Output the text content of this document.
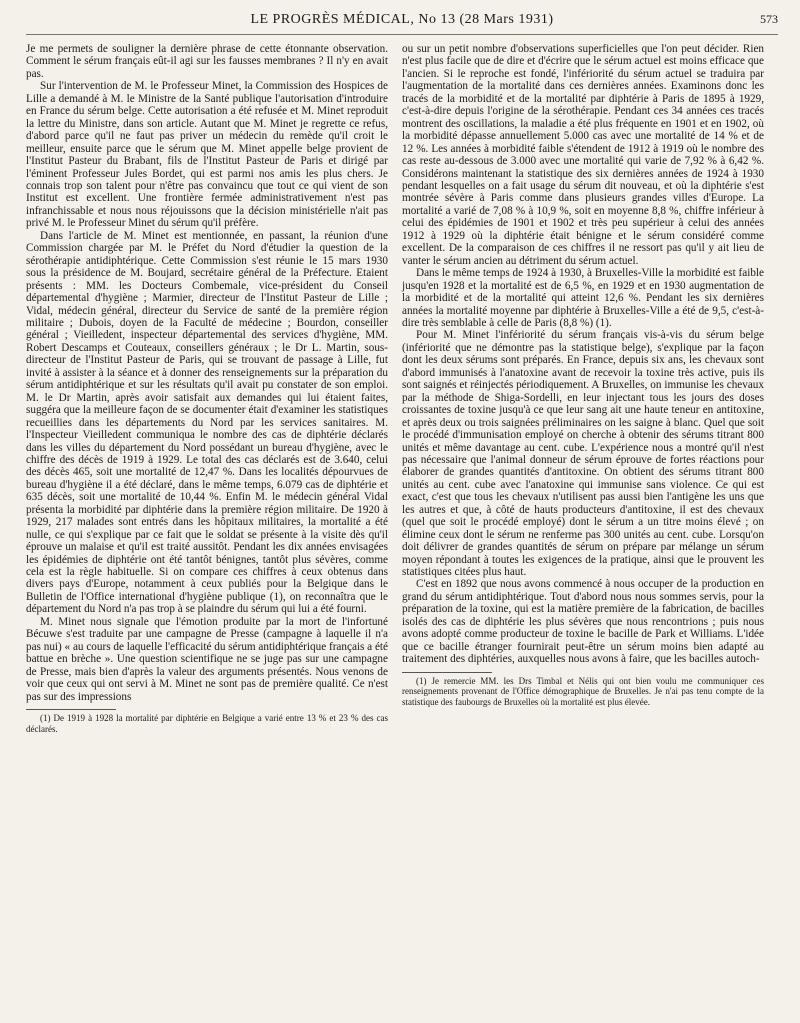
LE PROGRÈS MÉDICAL, No 13 (28 Mars 1931)	573

Je me permets de souligner la dernière phrase de cette étonnante observation. Comment le sérum français eût-il agi sur les fausses membranes ? Il n'y en avait pas.

Sur l'intervention de M. le Professeur Minet, la Commission des Hospices de Lille a demandé à M. le Ministre de la Santé publique l'autorisation d'introduire en France du sérum belge. Cette autorisation a été refusée et M. Minet reproduit la lettre du Ministre, dans son article. Autant que M. Minet je regrette ce refus, d'abord parce qu'il ne faut pas priver un médecin du remède qu'il croit le meilleur, ensuite parce que le sérum que M. Minet appelle belge provient de l'Institut Pasteur du Brabant, fils de l'Institut Pasteur de Paris et dirigé par l'éminent Professeur Jules Bordet, qui est parmi nos amis les plus chers. Je connais trop son talent pour n'être pas convaincu que tout ce qui vient de son Institut est excellent. Une frontière fermée administrativement n'est pas infranchissable et nous nous réjouissons que la décision ministérielle n'ait pas privé M. le Professeur Minet du sérum qu'il préfère.

Dans l'article de M. Minet est mentionnée, en passant, la réunion d'une Commission chargée par M. le Préfet du Nord d'étudier la question de la sérothérapie antidiphtérique. Cette Commission s'est réunie le 15 mars 1930 sous la présidence de M. Boujard, secrétaire général de la Préfecture. Etaient présents : MM. les Docteurs Combemale, vice-président du Conseil départemental d'hygiène ; Marmier, directeur de l'Institut Pasteur de Lille ; Vidal, médecin général, directeur du Service de santé de la première région militaire ; Dubois, doyen de la Faculté de médecine ; Bourdon, conseiller général ; Vieilledent, inspecteur départemental des services d'hygiène, MM. Robert Descamps et Couteaux, conseillers généraux ; le Dr L. Martin, sous-directeur de l'Institut Pasteur de Paris, qui se trouvant de passage à Lille, fut invité à assister à la séance et à donner des renseignements sur la préparation du sérum antidiphtérique et sur les résultats qu'il avait pu constater de son emploi. M. le Dr Martin, après avoir satisfait aux demandes qui lui étaient faites, suggéra que la meilleure façon de se documenter était d'examiner les statistiques recueillies dans les départements du Nord par les services sanitaires. M. l'Inspecteur Vieilledent communiqua le nombre des cas de diphtérie déclarés dans les villes du département du Nord possédant un bureau d'hygiène, avec le chiffre des décès de 1919 à 1929. Le total des cas déclarés est de 3.640, celui des décès 465, soit une mortalité de 12,47 %. Dans les localités dépourvues de bureau d'hygiène il a été déclaré, dans le même temps, 6.079 cas de diphtérie et 635 décès, soit une mortalité de 10,44 %. Enfin M. le médecin général Vidal présenta la morbidité par diphtérie dans la première région militaire. De 1920 à 1929, 217 malades sont entrés dans les hôpitaux militaires, la mortalité a été nulle, ce qui s'explique par ce fait que le soldat se présente à la visite dès qu'il éprouve un malaise et qu'il est traité aussitôt. Pendant les dix années envisagées les épidémies de diphtérie ont été tantôt bénignes, tantôt plus sévères, comme cela est la règle habituelle. Si on compare ces chiffres à ceux obtenus dans divers pays d'Europe, notamment à ceux publiés pour la Belgique dans le Bulletin de l'Office international d'hygiène publique (1), on reconnaîtra que le département du Nord n'a pas trop à se plaindre du sérum qui lui a été fourni.

M. Minet nous signale que l'émotion produite par la mort de l'infortuné Bécuwe s'est traduite par une campagne de Presse (campagne à laquelle il n'a pas nui) « au cours de laquelle l'efficacité du sérum antidiphtérique français a été battue en brèche ». Une question scientifique ne se juge pas sur une campagne de Presse, mais bien d'après la valeur des arguments présentés. Nous venons de voir que ceux qui ont servi à M. Minet ne sont pas de première qualité. Ce n'est pas sur des impressions

(1) De 1919 à 1928 la mortalité par diphtérie en Belgique a varié entre 13 % et 23 % des cas déclarés.

ou sur un petit nombre d'observations superficielles que l'on peut décider. Rien n'est plus facile que de dire et d'écrire que le sérum actuel est moins efficace que l'ancien. Si le reproche est fondé, l'infériorité du sérum actuel se traduira par l'augmentation de la mortalité dans ces dernières années. Examinons donc les tracés de la morbidité et de la mortalité par diphtérie à Paris de 1895 à 1929, c'est-à-dire depuis l'origine de la sérothérapie. Pendant ces 34 années ces tracés montrent des oscillations, la maladie a été plus fréquente en 1901 et en 1902, où la morbidité dépasse annuellement 5.000 cas avec une mortalité de 14 % et de 12 %. Les années à morbidité faible s'étendent de 1912 à 1919 où le nombre des cas reste au-dessous de 3.000 avec une mortalité qui varie de 7,92 % à 6,42 %. Considérons maintenant la statistique des six dernières années de 1924 à 1930 pendant lesquelles on a fait usage du sérum dit nouveau, et où la diphtérie s'est montrée sévère à Paris comme dans plusieurs grandes villes d'Europe. La mortalité a varié de 7,08 % à 10,9 %, soit en moyenne 8,8 %, chiffre inférieur à celui des épidémies de 1901 et 1902 et très peu supérieur à celui des années 1912 à 1929 où la diphtérie était bénigne et le sérum considéré comme excellent. De la comparaison de ces chiffres il ne ressort pas qu'il y ait lieu de vanter le sérum ancien au détriment du sérum actuel.

Dans le même temps de 1924 à 1930, à Bruxelles-Ville la morbidité est faible jusqu'en 1928 et la mortalité est de 6,5 %, en 1929 et en 1930 augmentation de la morbidité et de la mortalité qui atteint 12,6 %. Pendant les six dernières années la mortalité moyenne par diphtérie à Bruxelles-Ville a été de 9,5, c'est-à-dire très semblable à celle de Paris (8,8 %) (1).

Pour M. Minet l'infériorité du sérum français vis-à-vis du sérum belge (infériorité que ne démontre pas la statistique belge), s'explique par la façon dont les deux sérums sont préparés. En France, depuis six ans, les chevaux sont d'abord immunisés à l'anatoxine avant de recevoir la toxine très active, puis ils sont saignés et réinjectés périodiquement. A Bruxelles, on immunise les chevaux par la méthode de Shiga-Sordelli, en leur injectant tous les jours des doses croissantes de toxine jusqu'à ce que leur sang ait une haute teneur en antitoxine, et après deux ou trois saignées préliminaires on les saigne à blanc. Quel que soit le procédé d'immunisation employé on cherche à obtenir des sérums titrant 800 unités et même davantage au cent. cube. L'expérience nous a montré qu'il n'est pas nécessaire que l'animal donneur de sérum éprouve de fortes réactions pour élaborer de grandes quantités d'antitoxine. On obtient des sérums titrant 800 unités au cent. cube avec l'anatoxine qui immunise sans violence. Ce qui est exact, c'est que tous les chevaux n'utilisent pas aussi bien l'antigène les uns que les autres et que, à côté de hauts producteurs d'antitoxine, il est des chevaux (quel que soit le procédé employé) dont le sérum a un titre moins élevé ; on élimine ceux dont le sérum ne renferme pas 300 unités au cent. cube. Lorsqu'on doit délivrer de grandes quantités de sérum on prépare par mélange un sérum moyen répondant à toutes les exigences de la pratique, ainsi que le prouvent les statistiques citées plus haut.

C'est en 1892 que nous avons commencé à nous occuper de la production en grand du sérum antidiphtérique. Tout d'abord nous nous sommes servis, pour la préparation de la toxine, qui est la matière première de la fabrication, de bacilles isolés des cas de diphtérie les plus sévères que nous rencontrions ; puis nous avons adopté comme producteur de toxine le bacille de Park et Williams. L'idée que ce bacille étranger fournirait peut-être un sérum moins bien adapté au traitement des diphtéries, auxquelles nous avons à faire, que les bacilles autoch-

(1) Je remercie MM. les Drs Timbal et Nélis qui ont bien voulu me communiquer ces renseignements provenant de l'Office démographique de Bruxelles. Je n'ai pas tenu compte de la statistique des faubourgs de Bruxelles où la mortalité est plus élevée.
